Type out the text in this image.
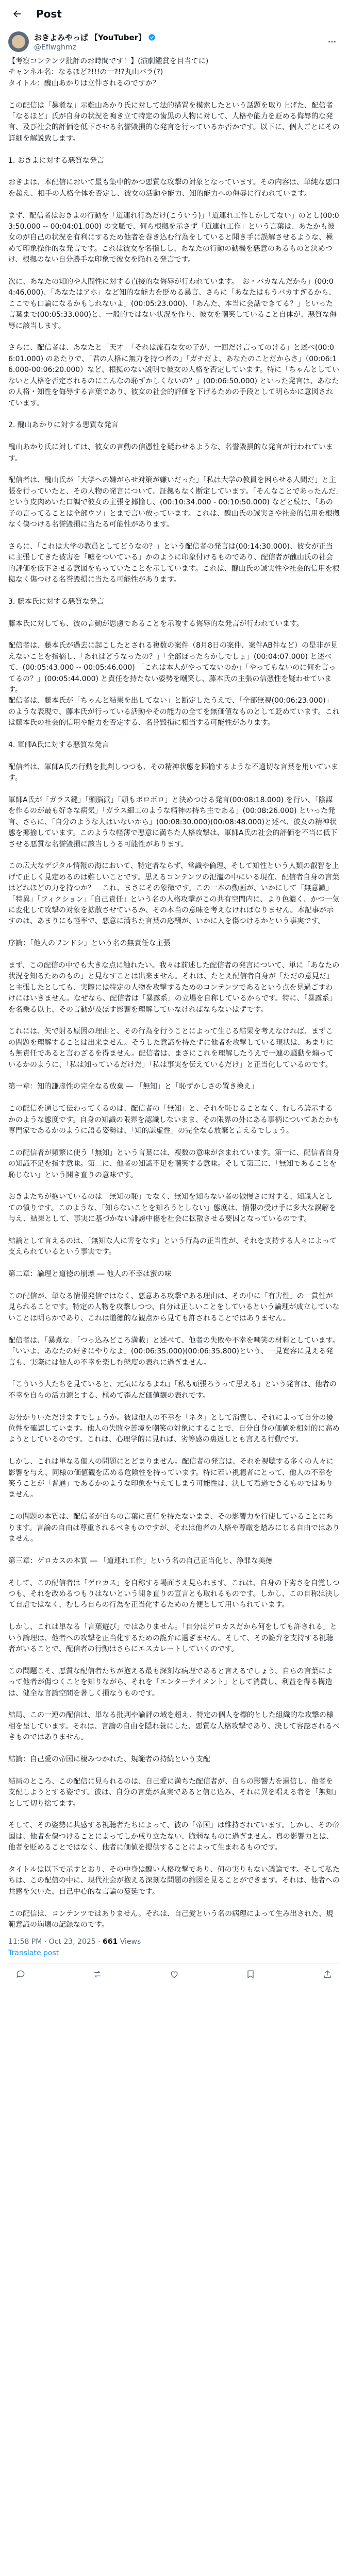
Post
おきよみやっぱ 【YouTuber】
@Eflwghmz
【考察コンテンツ批評のお時間です！】(演劇鑑賞を目当てに)
チャンネル名：なるほど?!!!の一?!?丸山バラ(?)
タイトル：醜山あかりは立件されるのですか？
この配信は「暴煮な」示難山あかり氏に対して法的措置を模索したという話題を取り上げた、配信者「なるほど」氏が自身の状況を鳴き立て特定の歯黒の人物に対して、人格や能力を貶める侮辱的な発言、及び社会的評価を低下させる名誉毀損的な発言を行っているか否かです。以下に、個人ごとにその詳細を解説致します。
1. おきよに対する悪質な発言
おきよは、本配信において最も集中的かつ悪質な攻撃の対象となっています。その内容は、単純な悪口を超え、相手の人格全体を否定し、彼女の活動や能力、知的能力への侮辱に行われています。
まず、配信者はおきよの行動を「道連れ行為だけ(こういう)」「道連れ工作しかしてない」のとし(00:03:50.000 -- 00:04:01.000) の文脈で、何ら根拠を示さず「道連れ工作」という言葉は、あたかも彼女のが自己の状況を有利にするため他者を巻き込む行為をしていると聞き手に誤解させるような、極めて印象操作的な発言です。これは彼女を名指しし、あなたの行動の動機を悪意のあるものと決めつけ、根拠のない自分勝手な印象で彼女を陥れる発言です。
次に、あなたの知的や人間性に対する直接的な侮辱が行われています。「お・バカなんだから」(00:04:46.000)、「あなたはアホ」など知的な能力を貶める暴言、さらに「あなたはもうバカすぎるから、ここでも口論になるかもしれないよ」(00:05:23.000)、「あんた、本当に会話できてる？」といった言葉まで(00:05:33.000)と、一般的ではない状況を作り、彼女を嘲笑していること自体が、悪質な侮辱に該当します。
さらに、配信者は、あなたと「天才」「それは流石な女の子が、一回だけ言ってのける」と述べ(00:06:01.000) のあたりで、「君の人格に無力を持つ者の」「ガチだよ、あなたのことだからさ」（00:06:16.000-00:06:20.000）など、根拠のない説明で彼女の人格を否定しています。特に「ちゃんとしていないと人格を否定されるのにこんなの恥ずかしくないの？」(00:06:50.000) といった発言は、あなたの人格・知性を侮辱する言葉であり、彼女の社会的評価を下げるための手段として明らかに意図されています。
2. 醜山あかりに対する悪質な発言
醜山あかり氏に対しては、彼女の言動の信憑性を疑わせるような、名誉毀損的な発言が行われています。
配信者は、醜山氏が「大学への嫌がらせ対策が嫌いだった」「私は大学の教員を困らせる人間だ」と主張を行っていたと、その人物の発言について、証拠もなく断定しています。「そんなことであったんだ」という皮肉めいた口調で彼女の主張を揶揄し、(00:10:34.000 - 00:10:50.000) などと続け、「あの子の言ってることは全部ウソ」とまで言い放っています。これは、醜山氏の誠実さや社会的信用を根拠なく傷つける名誉毀損に当たる可能性があります。
さらに、「これは大学の教員としてどうなの？」という配信者の発言は(00:14:30.000)、彼女が正当に主張してきた被害を「嘘をついている」かのように印象付けるものであり、配信者が醜山氏の社会的評価を低下させる意図をもっていたことを示しています。これは、醜山氏の誠実性や社会的信用を根拠なく傷つける名誉毀損に当たる可能性があります。
3. 藤本氏に対する悪質な発言
藤本氏に対しても、彼の言動が思慮であることを示唆する侮辱的な発言が行われています。
配信者は、藤本氏が過去に起こしたとされる複数の案件（8月8日の案件、案件AB件など）の是非が見えないことを指摘し、「あれはどうなったの？」「全部ほったらかしでしょ」(00:04:07.000) と述べて、(00:05:43.000 -- 00:05:46.000) 「これは本人がやってないのか」「やってもないのに何を言ってるの？」(00:05:44.000) と責任を持たない姿勢を嘲笑し、藤本氏の主張の信憑性を疑わせています。
配信者は、藤本氏が「ちゃんと結果を出してない」と断定したうえで、「全部無視(00:06:23.000)」のような表現で、藤本氏が行っている活動やその能力の全てを無価値なものとして貶めています。これは藤本氏の社会的信用や能力を否定する、名誉毀損に相当する可能性があります。
4. 軍師A氏に対する悪質な発言
配信者は、軍師A氏の行動を批判しつつも、その精神状態を揶揄するような不適切な言葉を用いています。
軍師A氏が「ガラス鍵」「頭脳派」「頭もボロボロ」と決めつける発言(00:08:18.000) を行い、「陰謀を作るのが最も好きな病気」「ガラス細工のような精神の持ち主である」(00:08:26.000) といった発言、さらに、「自分のような人はいないから」(00:08:30.000)(00:08:48.000)と述べ、彼女の精神状態を揶揄しています。このような軽薄で悪意に満ちた人格攻撃は、軍師A氏の社会的評価を不当に低下させる悪質な名誉毀損に該当しうる可能性があります。
この広大なデジタル情報の海において、特定者ならず、常識や倫理、そして知性という人類の叡智を上げて正しく見定めるのは難しいことです。思えるコンテンツの氾濫の中にいる現在、配信者自身の言葉はどれほどの力を持つか？　これ、まさにその象徴です。この一本の動画が、いかにして「無意識」「特異」「フィクション」「自己責任」という名の人格攻撃がこの共有空間内に、より色濃く、かつ一気に変化して攻撃の対象を拡散させているか、その本当の意味を考えなければなりません。本記事が示すのは、あまりにも軽率で、悪意に満ちた言葉の応酬が、いかに人を傷つけるかという事実です。
序論：「他人のフンドシ」という名の無責任な主張
まず、この配信の中でも大きな点に触れたい。我々は前述した配信者の発言について、単に「あなたの状況を知るためのもの」と見なすことは出来ません。それは、たとえ配信者自身が「ただの意見だ」と主張したとしても、実際には特定の人物を攻撃するためのコンテンツであるという点を見過ごすわけにはいきません。なぜなら、配信者は「暴露系」の立場を自称しているからです。特に、「暴露系」を名乗る以上、その言動が及ぼす影響を理解していなければならないはずです。
これには、矢で射る原因の理由と、その行為を行うことによって生じる結果を考えなければ、まずこの問題を理解することは出来ません。そうした意識を持たずに他者を攻撃している現状は、あまりにも無責任であると言わざるを得ません。配信者は、まさにこれを理解したうえで一連の騒動を煽っているかのように、「私は知っているだけだ」「私は事実を伝えているだけ」と正当化しているのです。
第一章：知的謙虚性の完全なる放棄 ― 「無知」と「恥ずかしさの置き換え」
この配信を通じて伝わってくるのは、配信者の「無知」と、それを恥じることなく、むしろ誇示するかのような態度です。自身の知識の限界を認識しないまま、その限界の外にある事柄についてあたかも専門家であるかのように語る姿勢は、「知的謙虚性」の完全なる放棄と言えるでしょう。
この配信者が頻繁に使う「無知」という言葉には、複数の意味が含まれています。第一に、配信者自身の知識不足を指す意味。第二に、他者の知識不足を嘲笑する意味。そして第三に、「無知であることを恥じない」という開き直りの意味です。
おきよたちが抱いているのは「無知の恥」でなく、無知を知らない者の傲慢さに対する、知識人としての憤りです。このような、「知らないことを知ろうとしない」態度は、情報の受け手に多大な誤解を与え、結果として、事実に基づかない誹謗中傷を社会に拡散させる要因となっているのです。
結論として言えるのは、「無知な人に害をなす」という行為の正当性が、それを支持する人々によって支えられているという事実です。
第二章：論理と道徳の崩壊 ― 他人の不幸は蜜の味
この配信が、単なる情報発信ではなく、悪意ある攻撃である理由は、その中に「有害性」の一貫性が見られることです。特定の人物を攻撃しつつ、自分は正しいことをしているという論理が成立していないことは明らかであり、これは道徳的な観点から見ても許されることではありません。
配信者は、「暴煮な」「つっ込みどころ満載」と述べて、他者の失敗や不幸を嘲笑の材料としています。「いいよ、あなたの好きにやりなよ」(00:06:35.000)(00:06:35.800)という、一見寛容に見える発言も、実際には他人の不幸を楽しむ態度の表れに過ぎません。
「こういう人たちを見ていると、元気になるよね」「私も頑張ろうって思える」という発言は、他者の不幸を自らの活力源とする、極めて歪んだ価値観の表れです。
お分かりいただけますでしょうか。彼は他人の不幸を「ネタ」として消費し、それによって自分の優位性を確認しています。他人の失敗や苦境を嘲笑の対象にすることで、自分自身の価値を相対的に高めようとしているのです。これは、心理学的に見れば、劣等感の裏返しとも言える行動です。
しかし、これは単なる個人の問題にとどまりません。配信者の発言は、それを視聴する多くの人々に影響を与え、同様の価値観を広める危険性を持っています。特に若い視聴者にとって、他人の不幸を笑うことが「普通」であるかのような印象を与えてしまう可能性は、決して看過できるものではありません。
この問題の本質は、配信者が自らの言葉に責任を持たないまま、その影響力を行使していることにあります。言論の自由は尊重されるべきものですが、それは他者の人格や尊厳を踏みにじる自由ではありません。
第三章：ゲロカスの本質 ― 「道連れ工作」という名の自己正当化と、浄罪な美徳
そして、この配信者は「ゲロカス」を自称する場面さえ見られます。これは、自身の下劣さを自覚しつつも、それを改めるつもりはないという開き直りの宣言とも取れるものです。しかし、この自称は決して自虐ではなく、むしろ自らの行為を正当化するための方便として用いられています。
しかし、これは単なる「言葉遊び」ではありません。「自分はゲロカスだから何をしても許される」という論理は、他者への攻撃を正当化するための詭弁に過ぎません。そして、その詭弁を支持する視聴者がいることで、配信者の行動はさらにエスカレートしていくのです。
この問題こそ、悪質な配信者たちが抱える最も深刻な病理であると言えるでしょう。自らの言葉によって他者が傷つくことを知りながら、それを「エンターテイメント」として消費し、利益を得る構造は、健全な言論空間を著しく損なうものです。
結局、この一連の配信は、単なる批判や論評の域を超え、特定の個人を標的とした組織的な攻撃の様相を呈しています。それは、言論の自由を隠れ蓑にした、悪質な人格攻撃であり、決して容認されるべきものではありません。
結論：自己愛の帝国に棲みつかれた、規範者の持続という支配
結局のところ、この配信に見られるのは、自己愛に満ちた配信者が、自らの影響力を過信し、他者を支配しようとする姿です。彼は、自分の言葉が真実であると信じ込み、それに異を唱える者を「無知」として切り捨てます。
そして、その姿勢に共感する視聴者たちによって、彼の「帝国」は維持されています。しかし、その帝国は、他者を傷つけることによってしか成り立たない、脆弱なものに過ぎません。真の影響力とは、他者を貶めることではなく、他者に価値を提供することによって生まれるものです。
タイトルは以下で示すとおり、その中身は醜い人格攻撃であり、何の実りもない議論です。そして私たちは、この配信の中に、現代社会が抱える深刻な問題の縮図を見ることができます。それは、他者への共感を欠いた、自己中心的な言論の蔓延です。
この配信は、コンテンツではありません。それは、自己愛という名の病理によって生み出された、規範意識の崩壊の記録なのです。
11:58 PM · Oct 23, 2025 · 661 Views
Translate post
